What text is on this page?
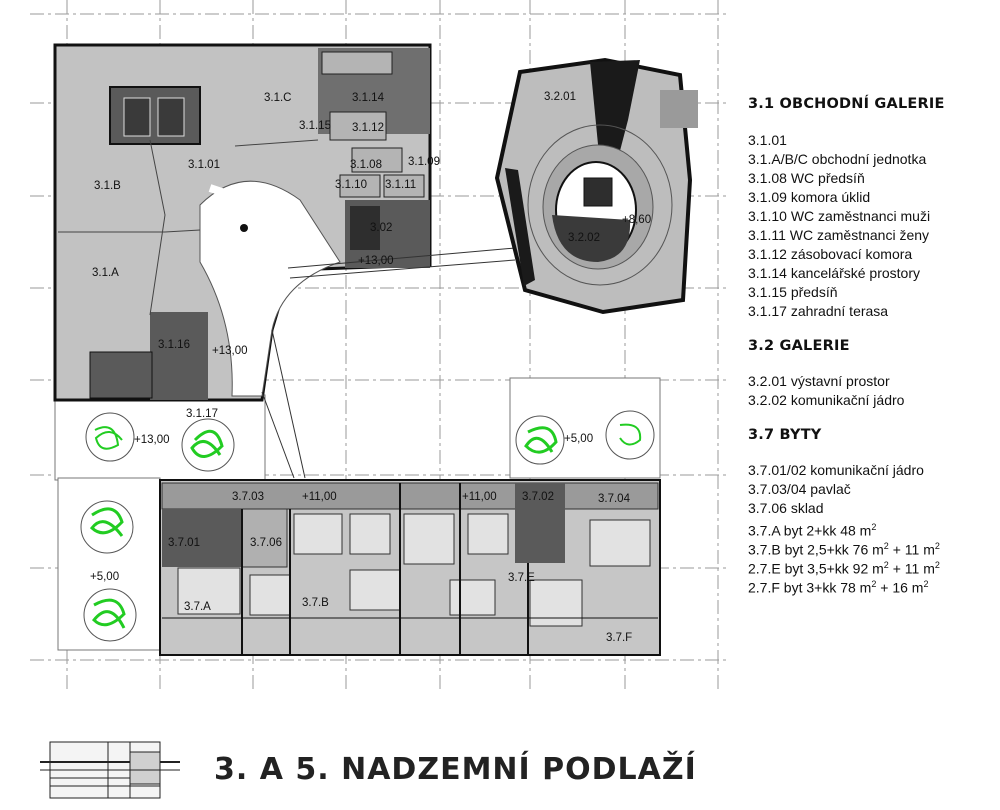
3.1.C	3.1.14
3.1.15 3.1.12
3.1.01	3.1.08 3.1.09
3.1.B	3.1.10 3.1.11
3.02
+13,00
3.1.A
3.1.16 +13,00
3.1.17
+13,00
3.2.01
3.2.02
+8,60
+5,00
3.7.03	+11,00	+11,00 3.7.02	3.7.04
3.7.01	3.7.06
3.7.E
+5,00
3.7.A	3.7.B
3.7.F
3.1 OBCHODNÍ GALERIE
3.1.01
3.1.A/B/C obchodní jednotka
3.1.08 WC předsíň
3.1.09 komora úklid
3.1.10 WC zaměstnanci muži
3.1.11 WC zaměstnanci ženy
3.1.12 zásobovací komora
3.1.14 kancelářské prostory
3.1.15 předsíň
3.1.17 zahradní terasa
3.2 GALERIE
3.2.01 výstavní prostor
3.2.02 komunikační jádro
3.7 BYTY
3.7.01/02 komunikační jádro
3.7.03/04 pavlač
3.7.06 sklad
3.7.A byt 2+kk 48 $m^2$
3.7.B byt 2,5+kk 76 $m^2 + 11$ $m^2$
2.7.E byt 3,5+kk 92 $m^2 + 11$ $m^2$
2.7.F byt 3+kk 78 $m^2 + 16$ $m^2$
3. A 5. NADZEMNÍ PODLAŽÍ
